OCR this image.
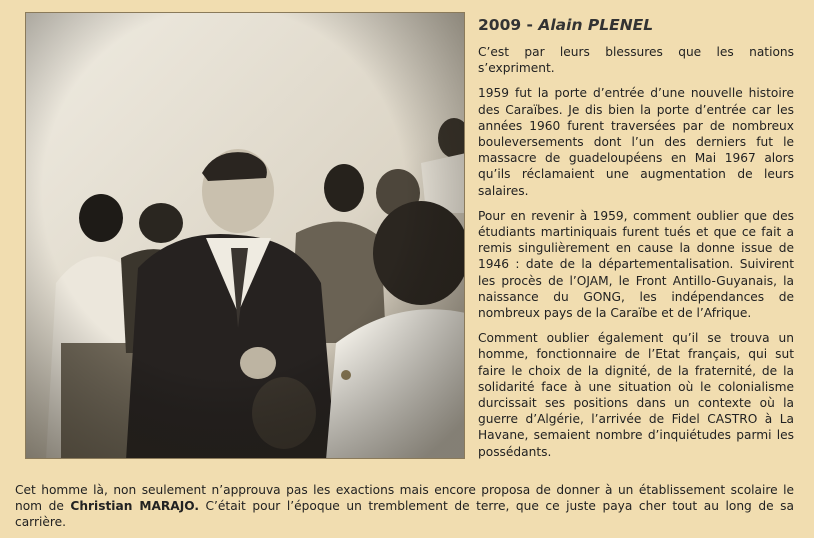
2009 - Alain PLENEL

C’est par leurs blessures que les nations s’expriment.

1959 fut la porte d’entrée d’une nouvelle histoire des Caraïbes. Je dis bien la porte d’entrée car les années 1960 furent traversées par de nombreux bouleversements dont l’un des derniers fut le massacre de guadeloupéens en Mai 1967 alors qu’ils réclamaient une augmentation de leurs salaires.

Pour en revenir à 1959, comment oublier que des étudiants martiniquais furent tués et que ce fait a remis singulièrement en cause la donne issue de 1946 : date de la départementalisation. Suivirent les procès de l’OJAM, le Front Antillo-Guyanais, la naissance du GONG, les indépendances de nombreux pays de la Caraïbe et de l’Afrique.

Comment oublier également qu’il se trouva un homme, fonctionnaire de l’Etat français, qui sut faire le choix de la dignité, de la fraternité, de la solidarité face à une situation où le colonialisme durcissait ses positions dans un contexte où la guerre d’Algérie, l’arrivée de Fidel CASTRO à La Havane, semaient nombre d’inquiétudes parmi les possédants.

Cet homme là, non seulement n’approuva pas les exactions mais encore proposa de donner à un établissement scolaire le nom de Christian MARAJO. C’était pour l’époque un tremblement de terre, que ce juste paya cher tout au long de sa carrière.
